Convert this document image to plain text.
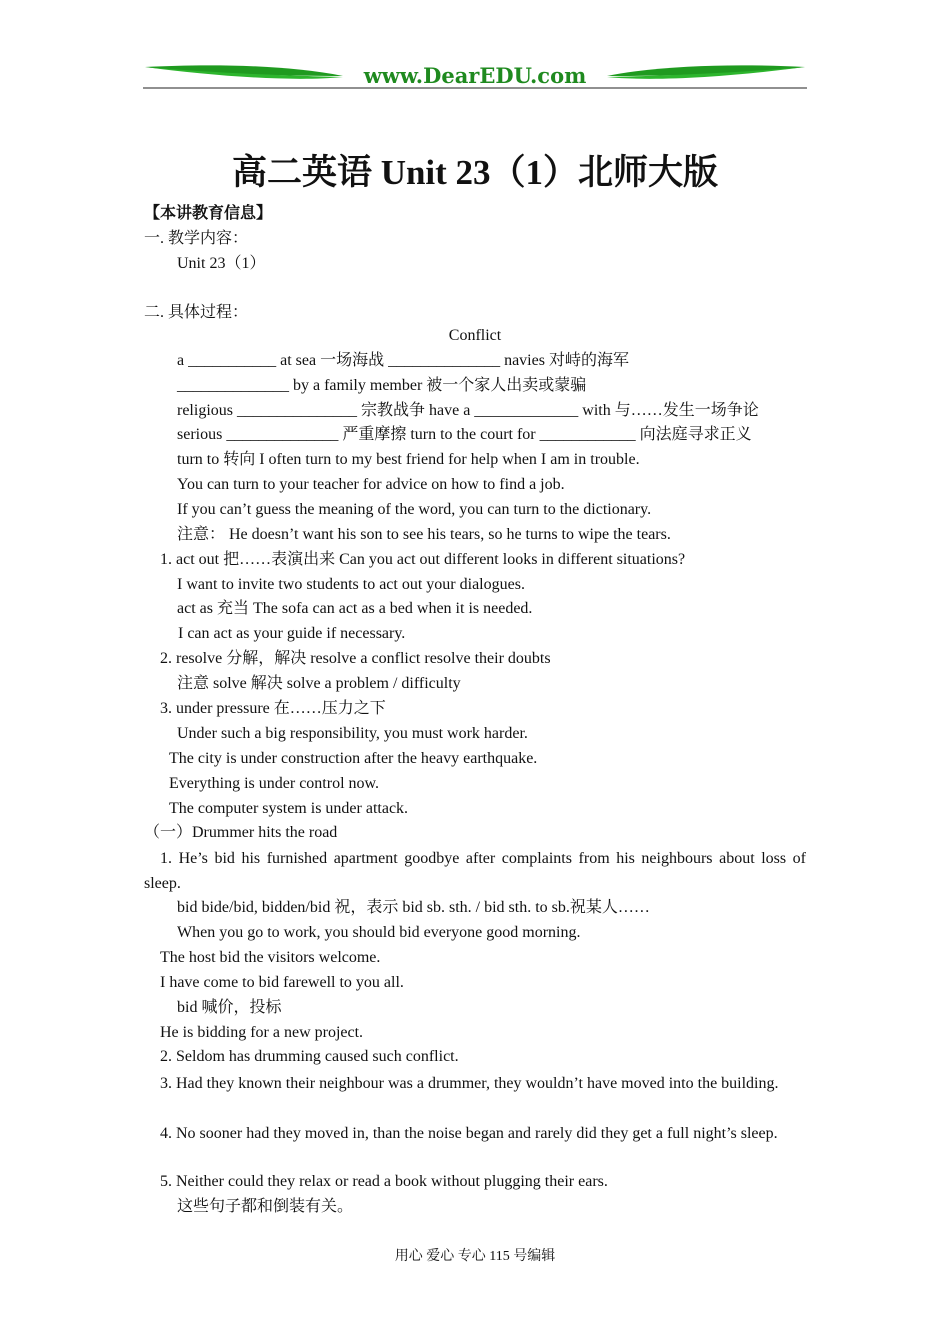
www.DearEDU.com
高二英语 Unit 23（1）北师大版
【本讲教育信息】
一. 教学内容：
Unit 23（1）
二. 具体过程：
Conflict
a ___________ at sea 一场海战 ______________ navies 对峙的海军
______________ by a family member 被一个家人出卖或蒙骗
religious _______________ 宗教战争 have a _____________ with 与……发生一场争论
serious ______________ 严重摩擦 turn to the court for ____________ 向法庭寻求正义
turn to 转向 I often turn to my best friend for help when I am in trouble.
You can turn to your teacher for advice on how to find a job.
If you can’t guess the meaning of the word, you can turn to the dictionary.
注意： He doesn’t want his son to see his tears, so he turns to wipe the tears.
1. act out 把……表演出来 Can you act out different looks in different situations?
I want to invite two students to act out your dialogues.
act as 充当 The sofa can act as a bed when it is needed.
I can act as your guide if necessary.
2. resolve 分解，解决 resolve a conflict resolve their doubts
注意 solve 解决 solve a problem / difficulty
3. under pressure 在……压力之下
Under such a big responsibility, you must work harder.
The city is under construction after the heavy earthquake.
Everything is under control now.
The computer system is under attack.
（一）Drummer hits the road
1. He’s bid his furnished apartment goodbye after complaints from his neighbours about loss of sleep.
bid bide/bid, bidden/bid 祝，表示 bid sb. sth. / bid sth. to sb.祝某人……
When you go to work, you should bid everyone good morning.
The host bid the visitors welcome.
I have come to bid farewell to you all.
bid 喊价，投标
He is bidding for a new project.
2. Seldom has drumming caused such conflict.
3. Had they known their neighbour was a drummer, they wouldn’t have moved into the building.
4. No sooner had they moved in, than the noise began and rarely did they get a full night’s sleep.
5. Neither could they relax or read a book without plugging their ears.
这些句子都和倒装有关。
用心 爱心 专心 115 号编辑
